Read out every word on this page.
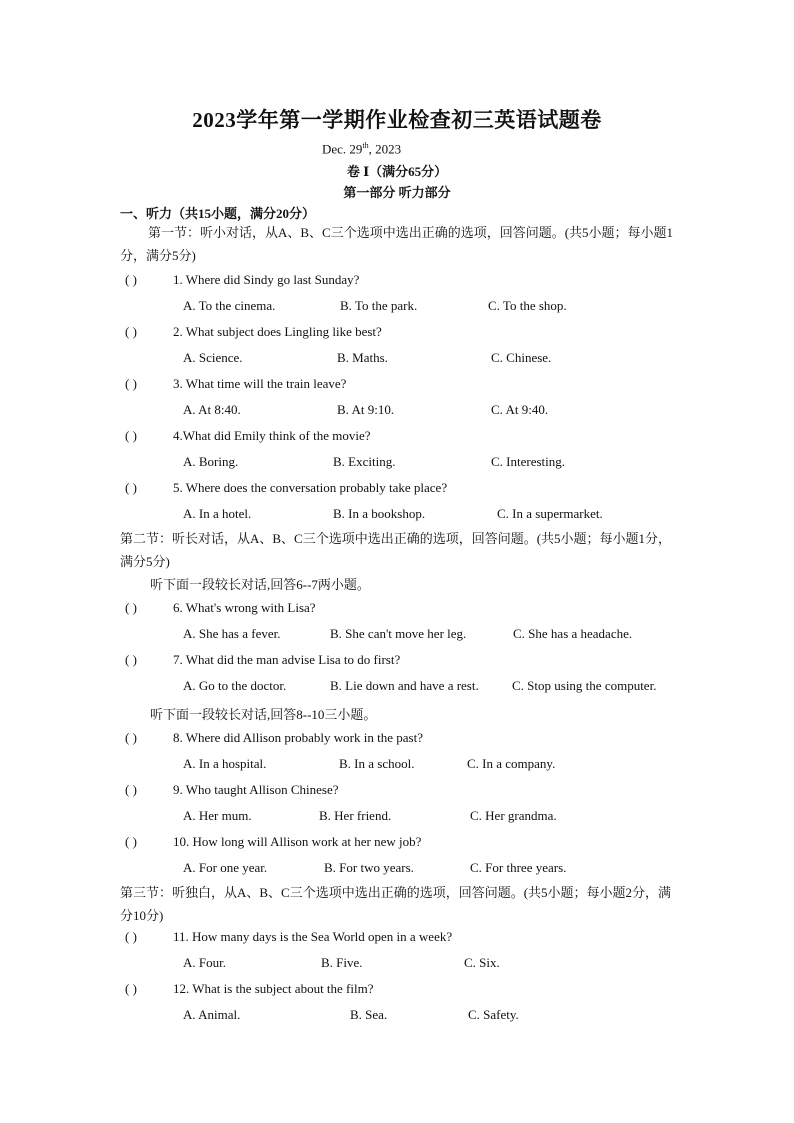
2023学年第一学期作业检查初三英语试题卷
Dec. 29th, 2023
卷 Ⅰ（满分65分）
第一部分 听力部分
一、听力（共15小题，满分20分）
第一节：听小对话，从A、B、C三个选项中选出正确的选项，回答问题。(共5小题；每小题1分，满分5分)
( )	1. Where did Sindy go last Sunday?
A. To the cinema.	B. To the park.	C. To the shop.
( )	2. What subject does Lingling like best?
A. Science.	B. Maths.	C. Chinese.
( )	3. What time will the train leave?
A. At 8:40.	B. At 9:10.	C. At 9:40.
( )	4.What did Emily think of the movie?
A. Boring.	B. Exciting.	C. Interesting.
( )	5. Where does the conversation probably take place?
A. In a hotel.	B. In a bookshop.	C. In a supermarket.
第二节：听长对话，从A、B、C三个选项中选出正确的选项，回答问题。(共5小题；每小题1分，满分5分)
听下面一段较长对话,回答6--7两小题。
( )	6. What's wrong with Lisa?
A. She has a fever.	B. She can't move her leg.	C. She has a headache.
( )	7. What did the man advise Lisa to do first?
A. Go to the doctor.	B. Lie down and have a rest.	C. Stop using the computer.
听下面一段较长对话,回答8--10三小题。
( )	8. Where did Allison probably work in the past?
A. In a hospital.	B. In a school.	C. In a company.
( )	9. Who taught Allison Chinese?
A. Her mum.	B. Her friend.	C. Her grandma.
( )	10. How long will Allison work at her new job?
A. For one year.	B. For two years.	C. For three years.
第三节：听独白，从A、B、C三个选项中选出正确的选项，回答问题。(共5小题；每小题2分，满分10分)
( )	11. How many days is the Sea World open in a week?
A. Four.	B. Five.	C. Six.
( )	12. What is the subject about the film?
A. Animal.	B. Sea.	C. Safety.
